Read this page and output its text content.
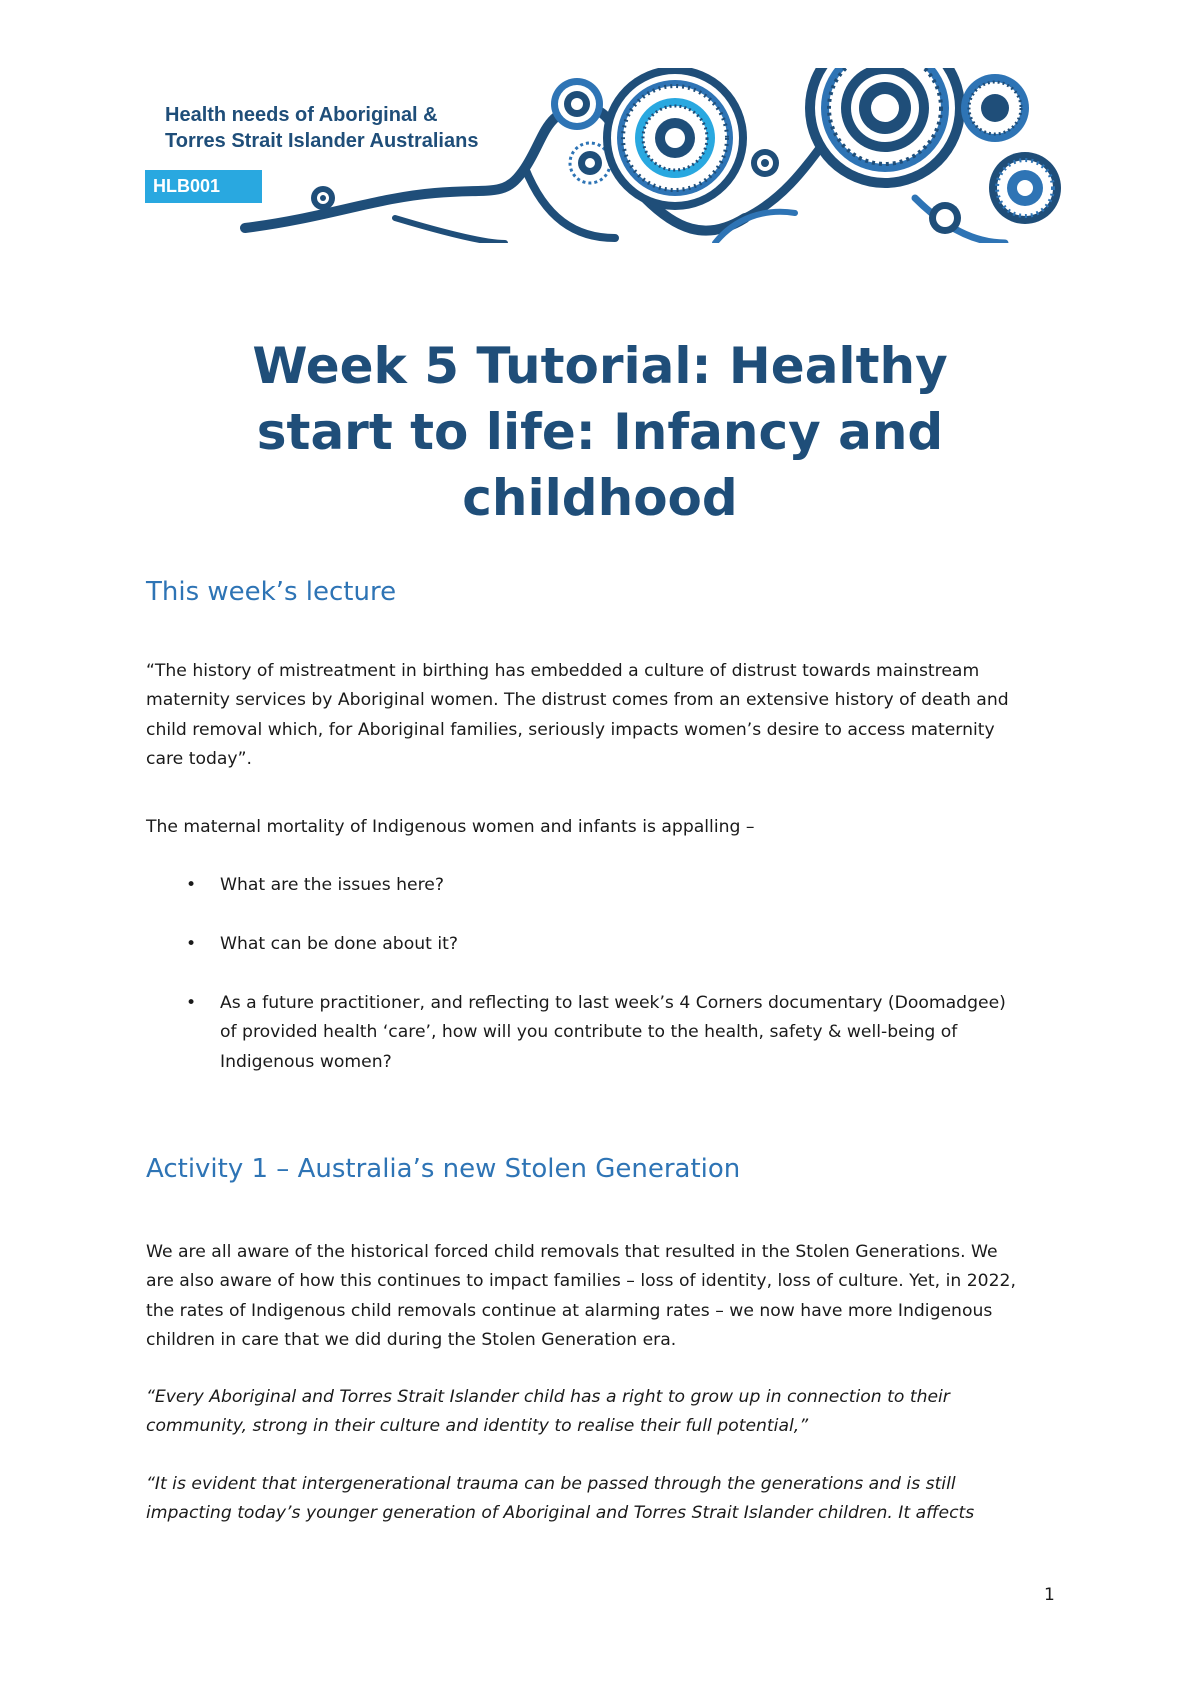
Health needs of Aboriginal &
Torres Strait Islander Australians
HLB001
Week 5 Tutorial: Healthy
start to life: Infancy and
childhood
This week’s lecture

“The history of mistreatment in birthing has embedded a culture of distrust towards mainstream
maternity services by Aboriginal women. The distrust comes from an extensive history of death and
child removal which, for Aboriginal families, seriously impacts women’s desire to access maternity
care today”.

The maternal mortality of Indigenous women and infants is appalling –

• What are the issues here?
• What can be done about it?
• As a future practitioner, and reflecting to last week’s 4 Corners documentary (Doomadgee)
of provided health ‘care’, how will you contribute to the health, safety & well-being of
Indigenous women?
Activity 1 – Australia’s new Stolen Generation

We are all aware of the historical forced child removals that resulted in the Stolen Generations. We
are also aware of how this continues to impact families – loss of identity, loss of culture. Yet, in 2022,
the rates of Indigenous child removals continue at alarming rates – we now have more Indigenous
children in care that we did during the Stolen Generation era.

“Every Aboriginal and Torres Strait Islander child has a right to grow up in connection to their
community, strong in their culture and identity to realise their full potential,”

“It is evident that intergenerational trauma can be passed through the generations and is still
impacting today’s younger generation of Aboriginal and Torres Strait Islander children. It affects

1
